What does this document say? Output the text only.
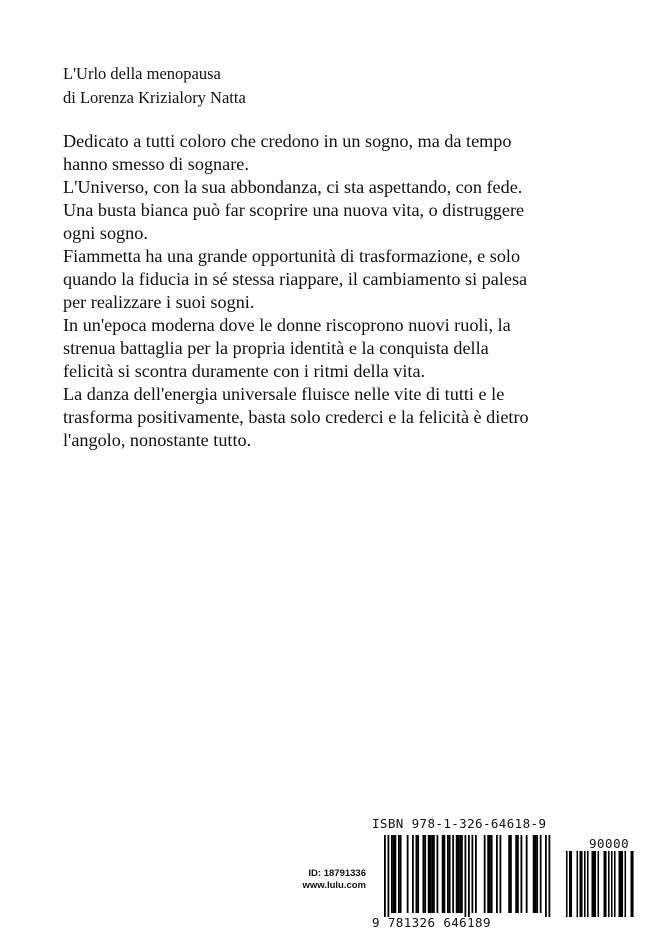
L'Urlo della menopausa
di Lorenza Krizialory Natta

Dedicato a tutti coloro che credono in un sogno, ma da tempo hanno smesso di sognare.

L'Universo, con la sua abbondanza, ci sta aspettando, con fede.

Una busta bianca può far scoprire una nuova vita, o distruggere ogni sogno.

Fiammetta ha una grande opportunità di trasformazione, e solo quando la fiducia in sé stessa riappare, il cambiamento si palesa per realizzare i suoi sogni.

In un'epoca moderna dove le donne riscoprono nuovi ruoli, la strenua battaglia per la propria identità e la conquista della felicità si scontra duramente con i ritmi della vita.

La danza dell'energia universale fluisce nelle vite di tutti e le trasforma positivamente, basta solo crederci e la felicità è dietro l'angolo, nonostante tutto.

ID: 18791336
www.lulu.com
ISBN 978-1-326-64618-9
90000
9 781326 646189
